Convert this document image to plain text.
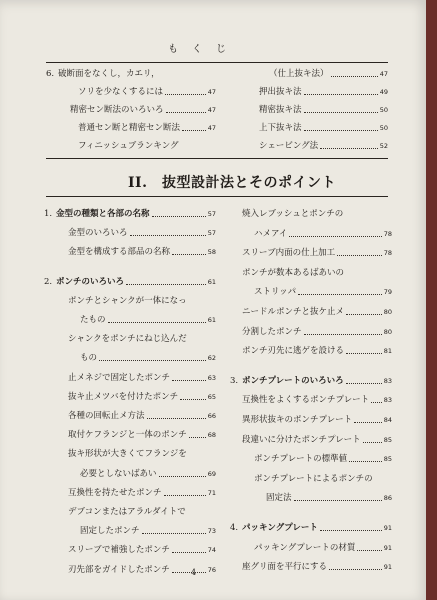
もくじ
6. 破断面をなくし，カエリ，
ソリを少なくするには	47
精密セン断法のいろいろ	47
普通セン断と精密セン断法	47
フィニッシュブランキング
（仕上抜キ法）	47
押出抜キ法	49
精密抜キ法	50
上下抜キ法	50
シェービング法	52
II.　抜型設計法とそのポイント
1. 金型の種類と各部の名称	57
金型のいろいろ	57
金型を構成する部品の名称	58
2. ポンチのいろいろ	61
ポンチとシャンクが一体になっ
たもの	61
シャンクをポンチにねじ込んだ
もの	62
止メネジで固定したポンチ	63
抜キ止メツバを付けたポンチ	65
各種の回転止メ方法	66
取付ケフランジと一体のポンチ	68
抜キ形状が大きくてフランジを
必要としないばあい	69
互換性を持たせたポンチ	71
デブコンまたはアラルダイトで
固定したポンチ	73
スリーブで補強したポンチ	74
刃先部をガイドしたポンチ	76
焼入レブッシュとポンチの
ハメアイ	78
スリーブ内面の仕上加工	78
ポンチが数本あるばあいの
ストリッパ	79
ニードルポンチと抜ケ止メ	80
分割したポンチ	80
ポンチ刃先に逃ゲを設ける	81
3. ポンチプレートのいろいろ	83
互換性をよくするポンチプレート 83
異形状抜キのポンチプレート	84
段違いに分けたポンチプレート	85
ポンチプレートの標準値	85
ポンチプレートによるポンチの
固定法	86
4. パッキングプレート	91
パッキングプレートの材質	91
座グリ面を平行にする	91
4
